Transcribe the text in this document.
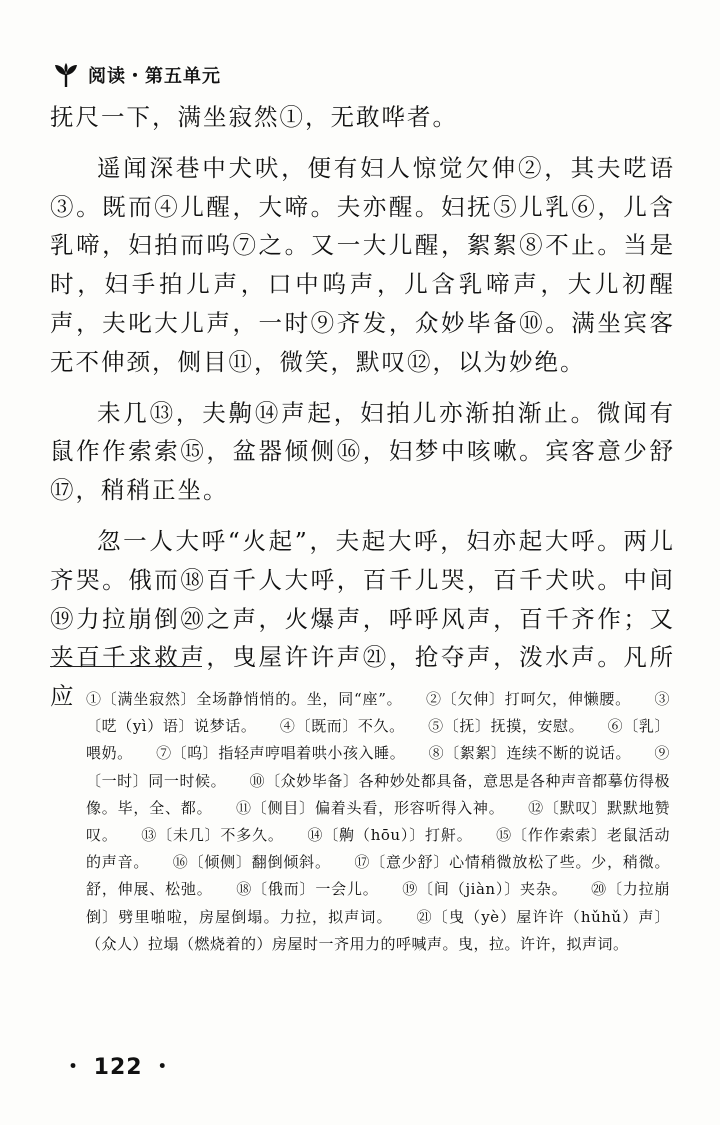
阅读・第五单元

抚尺一下，满坐寂然①，无敢哗者。

遥闻深巷中犬吠，便有妇人惊觉欠伸②，其夫呓语③。既而④儿醒，大啼。夫亦醒。妇抚⑤儿乳⑥，儿含乳啼，妇拍而呜⑦之。又一大儿醒，絮絮⑧不止。当是时，妇手拍儿声，口中呜声，儿含乳啼声，大儿初醒声，夫叱大儿声，一时⑨齐发，众妙毕备⑩。满坐宾客无不伸颈，侧目⑪，微笑，默叹⑫，以为妙绝。

未几⑬，夫齁⑭声起，妇拍儿亦渐拍渐止。微闻有鼠作作索索⑮，盆器倾侧⑯，妇梦中咳嗽。宾客意少舒⑰，稍稍正坐。

忽一人大呼“火起”，夫起大呼，妇亦起大呼。两儿齐哭。俄而⑱百千人大呼，百千儿哭，百千犬吠。中间⑲力拉崩倒⑳之声，火爆声，呼呼风声，百千齐作；又夹百千求救声，曳屋许许声㉑，抢夺声，泼水声。凡所应 ①〔满坐寂然〕全场静悄悄的。坐，同“座”。 ②〔欠伸〕打呵欠，伸懒腰。 ③〔呓（yì）语〕说梦话。 ④〔既而〕不久。 ⑤〔抚〕抚摸，安慰。 ⑥〔乳〕喂奶。 ⑦〔呜〕指轻声哼唱着哄小孩入睡。 ⑧〔絮絮〕连续不断的说话。 ⑨〔一时〕同一时候。 ⑩〔众妙毕备〕各种妙处都具备，意思是各种声音都摹仿得极像。毕，全、都。 ⑪〔侧目〕偏着头看，形容听得入神。 ⑫〔默叹〕默默地赞叹。 ⑬〔未几〕不多久。 ⑭〔齁（hōu）〕打鼾。 ⑮〔作作索索〕老鼠活动的声音。 ⑯〔倾侧〕翻倒倾斜。 ⑰〔意少舒〕心情稍微放松了些。少，稍微。舒，伸展、松弛。 ⑱〔俄而〕一会儿。 ⑲〔间（jiàn）〕夹杂。 ⑳〔力拉崩倒〕劈里啪啦，房屋倒塌。力拉，拟声词。 ㉑〔曳（yè）屋许许（hǔhǔ）声〕（众人）拉塌（燃烧着的）房屋时一齐用力的呼喊声。曳，拉。许许，拟声词。
・ 122 ・
